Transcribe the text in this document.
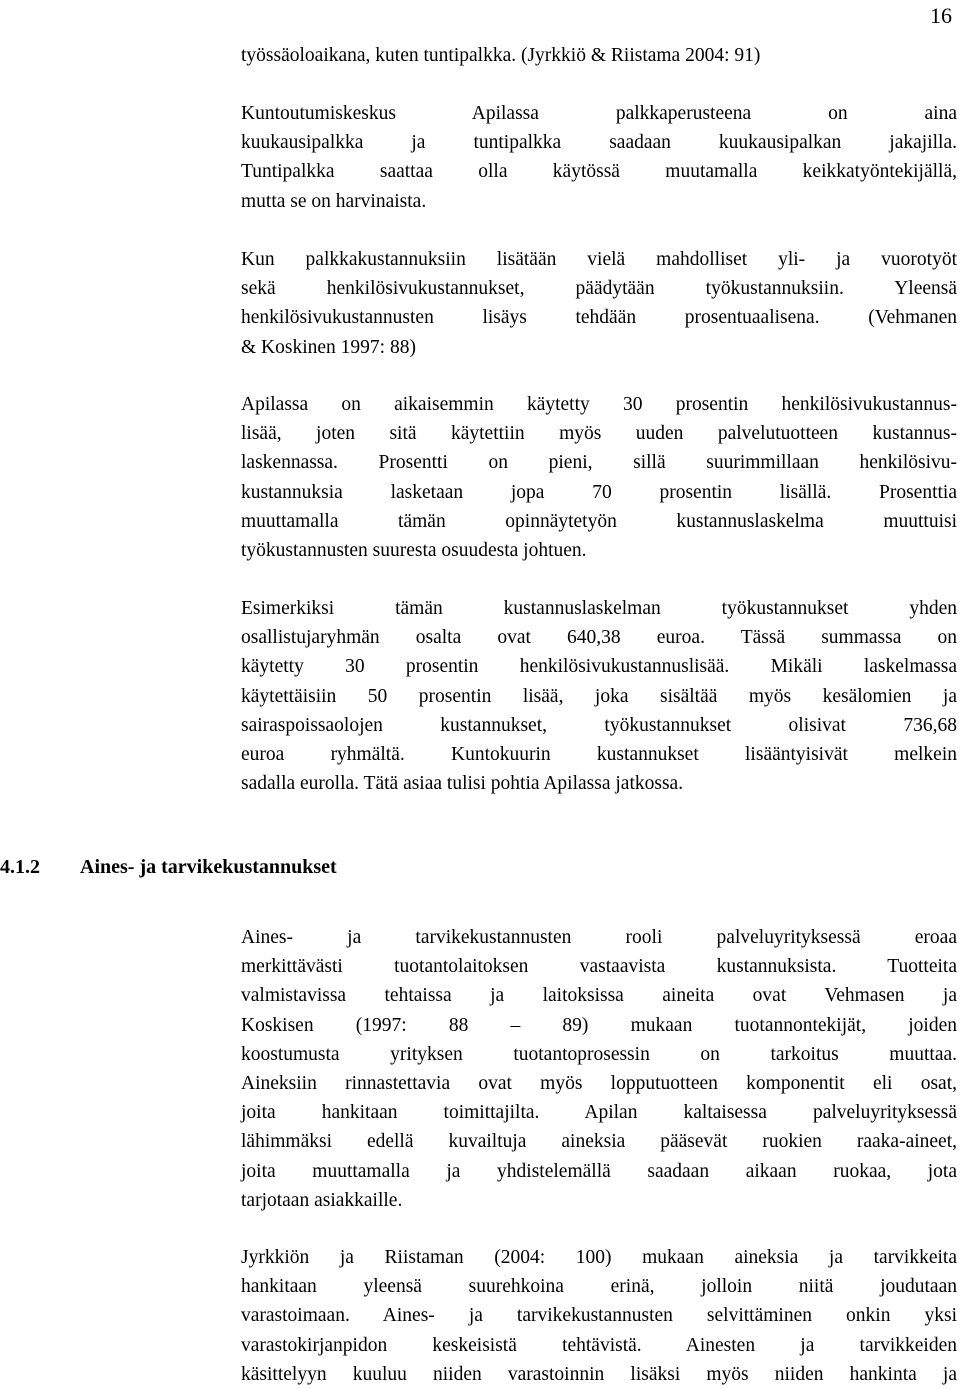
16
työssäoloaikana, kuten tuntipalkka. (Jyrkkiö & Riistama 2004: 91)
Kuntoutumiskeskus Apilassa palkkaperusteena on aina
kuukausipalkka ja tuntipalkka saadaan kuukausipalkan jakajilla.
Tuntipalkka saattaa olla käytössä muutamalla keikkatyöntekijällä,
mutta se on harvinaista.
Kun palkkakustannuksiin lisätään vielä mahdolliset yli- ja vuorotyöt
sekä henkilösivukustannukset, päädytään työkustannuksiin. Yleensä
henkilösivukustannusten lisäys tehdään prosentuaalisena. (Vehmanen
& Koskinen 1997: 88)
Apilassa on aikaisemmin käytetty 30 prosentin henkilösivukustannus-
lisää, joten sitä käytettiin myös uuden palvelutuotteen kustannus-
laskennassa. Prosentti on pieni, sillä suurimmillaan henkilösivu-
kustannuksia lasketaan jopa 70 prosentin lisällä. Prosenttia
muuttamalla tämän opinnäytetyön kustannuslaskelma muuttuisi
työkustannusten suuresta osuudesta johtuen.
Esimerkiksi tämän kustannuslaskelman työkustannukset yhden
osallistujaryhmän osalta ovat 640,38 euroa. Tässä summassa on
käytetty 30 prosentin henkilösivukustannuslisää. Mikäli laskelmassa
käytettäisiin 50 prosentin lisää, joka sisältää myös kesälomien ja
sairaspoissaolojen kustannukset, työkustannukset olisivat 736,68
euroa ryhmältä. Kuntokuurin kustannukset lisääntyisivät melkein
sadalla eurolla. Tätä asiaa tulisi pohtia Apilassa jatkossa.
4.1.2 Aines- ja tarvikekustannukset
Aines- ja tarvikekustannusten rooli palveluyrityksessä eroaa
merkittävästi tuotantolaitoksen vastaavista kustannuksista. Tuotteita
valmistavissa tehtaissa ja laitoksissa aineita ovat Vehmasen ja
Koskisen (1997: 88 – 89) mukaan tuotannontekijät, joiden
koostumusta yrityksen tuotantoprosessin on tarkoitus muuttaa.
Aineksiin rinnastettavia ovat myös lopputuotteen komponentit eli osat,
joita hankitaan toimittajilta. Apilan kaltaisessa palveluyrityksessä
lähimmäksi edellä kuvailtuja aineksia pääsevät ruokien raaka-aineet,
joita muuttamalla ja yhdistelemällä saadaan aikaan ruokaa, jota
tarjotaan asiakkaille.
Jyrkkiön ja Riistaman (2004: 100) mukaan aineksia ja tarvikkeita
hankitaan yleensä suurehkoina erinä, jolloin niitä joudutaan
varastoimaan. Aines- ja tarvikekustannusten selvittäminen onkin yksi
varastokirjanpidon keskeisistä tehtävistä. Ainesten ja tarvikkeiden
käsittelyyn kuuluu niiden varastoinnin lisäksi myös niiden hankinta ja
